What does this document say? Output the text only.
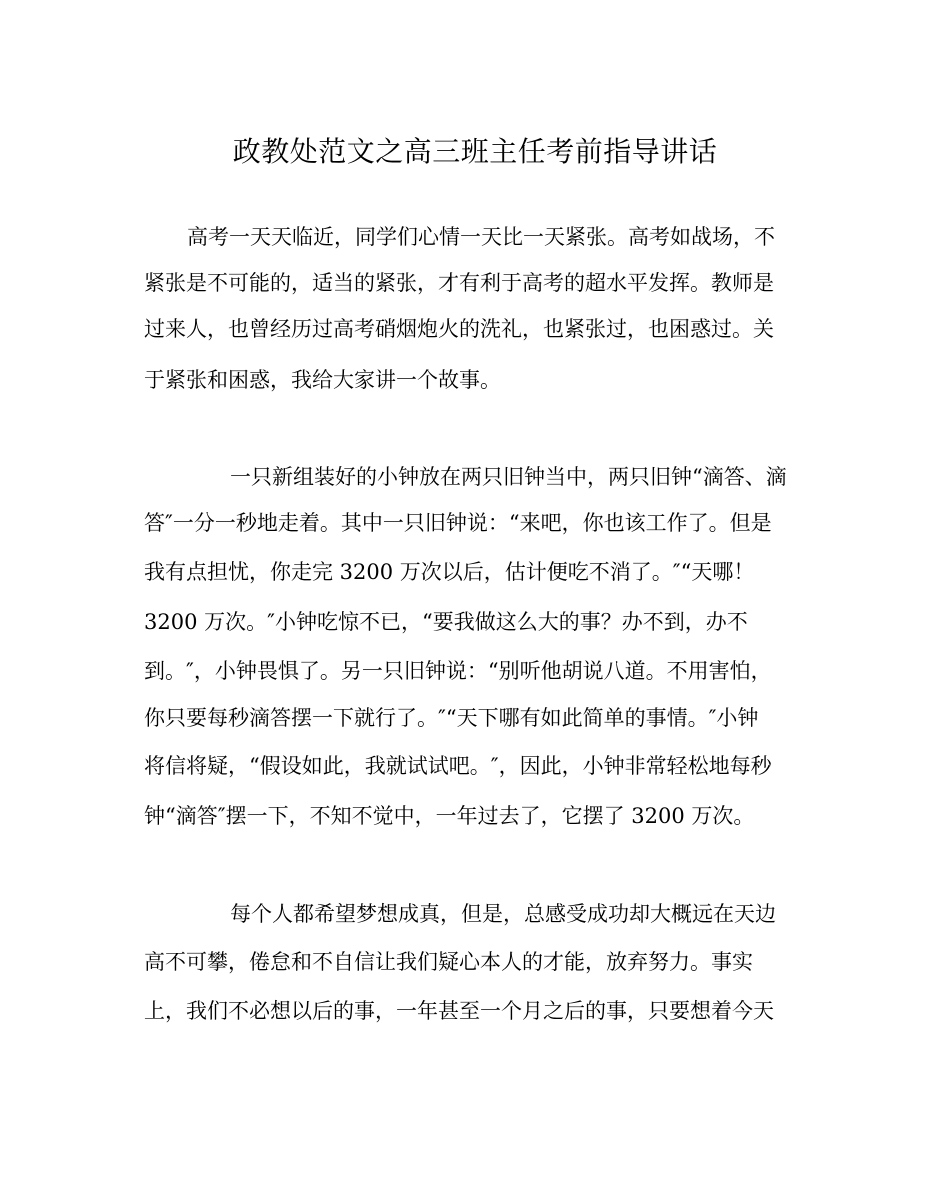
政教处范文之高三班主任考前指导讲话

高考一天天临近，同学们心情一天比一天紧张。高考如战场，不

紧张是不可能的，适当的紧张，才有利于高考的超水平发挥。教师是

过来人，也曾经历过高考硝烟炮火的洗礼，也紧张过，也困惑过。关

于紧张和困惑，我给大家讲一个故事。

一只新组装好的小钟放在两只旧钟当中，两只旧钟“滴答、滴

答″一分一秒地走着。其中一只旧钟说：“来吧，你也该工作了。但是

我有点担忧，你走完 3200 万次以后，估计便吃不消了。″“天哪！

3200 万次。″小钟吃惊不已，“要我做这么大的事？办不到，办不

到。″，小钟畏惧了。另一只旧钟说：“别听他胡说八道。不用害怕，

你只要每秒滴答摆一下就行了。″“天下哪有如此简单的事情。″小钟

将信将疑，“假设如此，我就试试吧。″，因此，小钟非常轻松地每秒

钟“滴答″摆一下，不知不觉中，一年过去了，它摆了 3200 万次。

每个人都希望梦想成真，但是，总感受成功却大概远在天边

高不可攀，倦怠和不自信让我们疑心本人的才能，放弃努力。事实

上，我们不必想以后的事，一年甚至一个月之后的事，只要想着今天
